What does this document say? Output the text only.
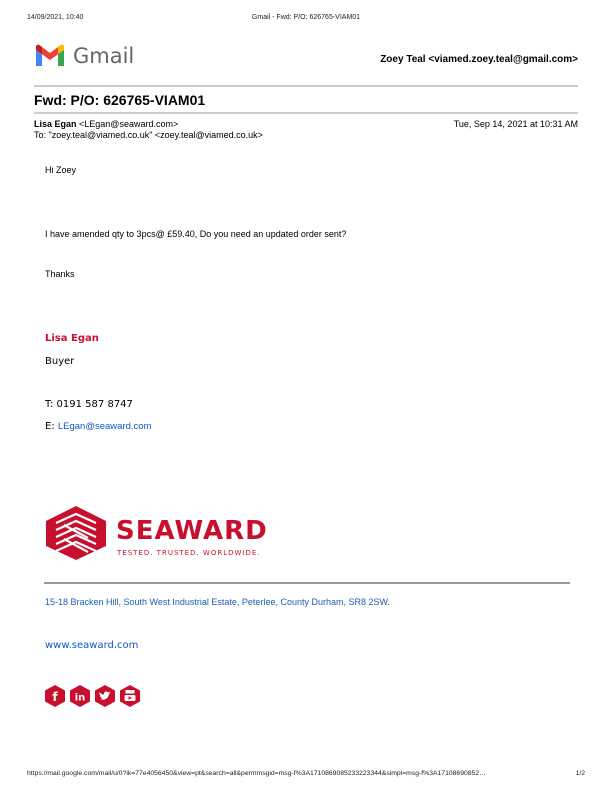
14/09/2021, 10:40	Gmail - Fwd: P/O: 626765-VIAM01
Gmail	Zoey Teal <viamed.zoey.teal@gmail.com>
Fwd: P/O: 626765-VIAM01
Lisa Egan <LEgan@seaward.com>	Tue, Sep 14, 2021 at 10:31 AM
To: "zoey.teal@viamed.co.uk" <zoey.teal@viamed.co.uk>
Hi Zoey
I have amended qty to 3pcs@ £59.40, Do you need an updated order sent?
Thanks
Lisa Egan
Buyer
T: 0191 587 8747
E: LEgan@seaward.com
SEAWARD
TESTED. TRUSTED. WORLDWIDE.
15-18 Bracken Hill, South West Industrial Estate, Peterlee, County Durham, SR8 2SW.
www.seaward.com
f in
https://mail.google.com/mail/u/0?ik=77e4056450&view=pt&search=all&permmsgid=msg-f%3A1710869085233223344&simpl=msg-f%3A17108690852…	1/2
